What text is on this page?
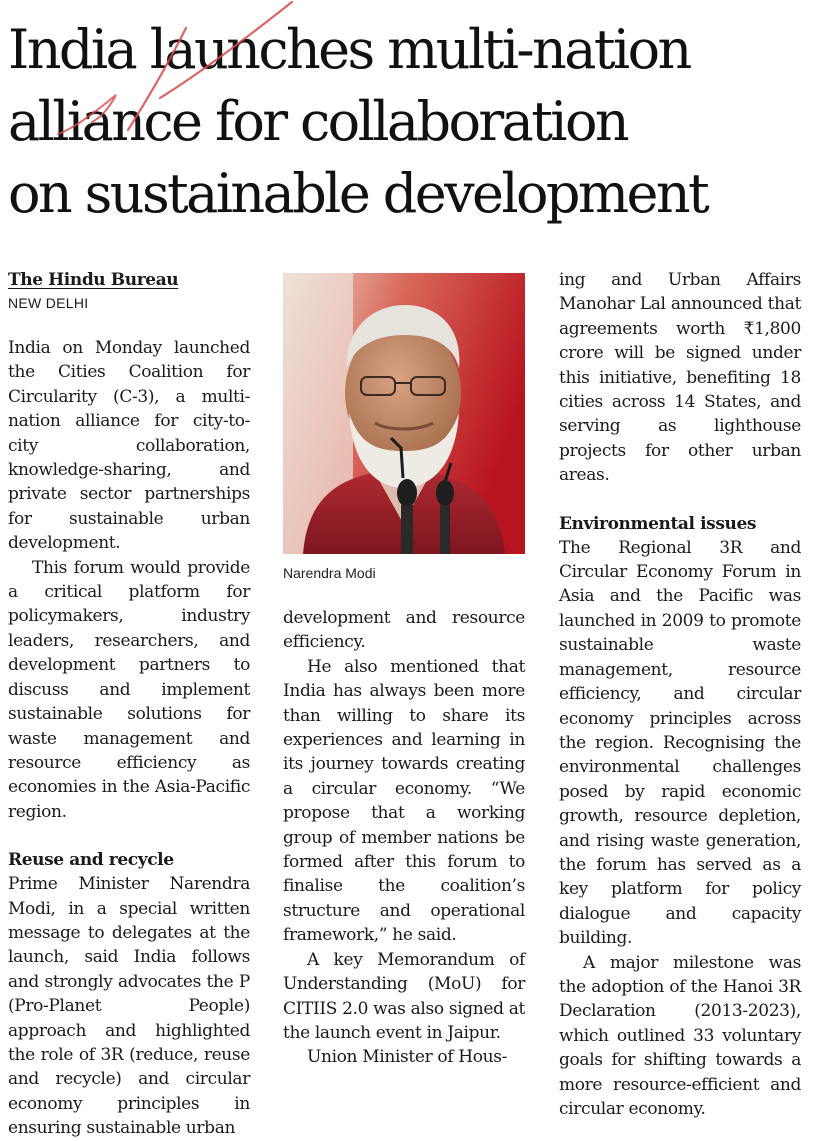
India launches multi-nation
alliance for collaboration
on sustainable development
The Hindu Bureau
NEW DELHI

India on Monday launched the Cities Coalition for Circularity (C-3), a multi-nation alliance for city-to-city collaboration, knowledge-sharing, and private sector partnerships for sustainable urban development.

This forum would provide a critical platform for policymakers, industry leaders, researchers, and development partners to discuss and implement sustainable solutions for waste management and resource efficiency as economies in the Asia-Pacific region.

Reuse and recycle

Prime Minister Narendra Modi, in a special written message to delegates at the launch, said India follows and strongly advocates the P (Pro-Planet People) approach and highlighted the role of 3R (reduce, reuse and recycle) and circular economy principles in ensuring sustainable urban

Narendra Modi

development and resource efficiency.

He also mentioned that India has always been more than willing to share its experiences and learning in its journey towards creating a circular economy. “We propose that a working group of member nations be formed after this forum to finalise the coalition’s structure and operational framework,” he said.

A key Memorandum of Understanding (MoU) for CITIIS 2.0 was also signed at the launch event in Jaipur.

Union Minister of Hous-

ing and Urban Affairs Manohar Lal announced that agreements worth ₹1,800 crore will be signed under this initiative, benefiting 18 cities across 14 States, and serving as lighthouse projects for other urban areas.

Environmental issues

The Regional 3R and Circular Economy Forum in Asia and the Pacific was launched in 2009 to promote sustainable waste management, resource efficiency, and circular economy principles across the region. Recognising the environmental challenges posed by rapid economic growth, resource depletion, and rising waste generation, the forum has served as a key platform for policy dialogue and capacity building.

A major milestone was the adoption of the Hanoi 3R Declaration (2013-2023), which outlined 33 voluntary goals for shifting towards a more resource-efficient and circular economy.
